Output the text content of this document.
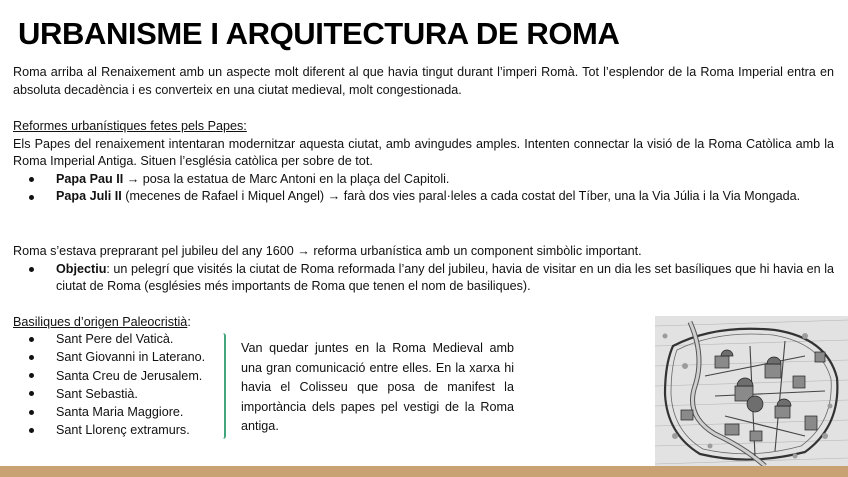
URBANISME I ARQUITECTURA DE ROMA
Roma arriba al Renaixement amb un aspecte molt diferent al que havia tingut durant l’imperi Romà. Tot l’esplendor de la Roma Imperial entra en absoluta decadència i es converteix en una ciutat medieval, molt congestionada.
Reformes urbanístiques fetes pels Papes:
Els Papes del renaixement intentaran modernitzar aquesta ciutat, amb avingudes amples. Intenten connectar la visió de la Roma Catòlica amb la Roma Imperial Antiga. Situen l’església catòlica per sobre de tot.
Papa Pau II → posa la estatua de Marc Antoni en la plaça del Capitoli.
Papa Juli II (mecenes de Rafael i Miquel Angel) → farà dos vies paral·leles a cada costat del Tíber, una la Via Júlia i la Via Mongada.
Roma s’estava preprarant pel jubileu del any 1600 → reforma urbanística amb un component simbòlic important.
Objectiu: un pelegrí que visités la ciutat de Roma reformada l’any del jubileu, havia de visitar en un dia les set basíliques que hi havia en la ciutat de Roma (esglésies més importants de Roma que tenen el nom de basiliques).
Basiliques d’origen Paleocristià:
Sant Pere del Vaticà.
Sant Giovanni in Laterano.
Santa Creu de Jerusalem.
Sant Sebastià.
Santa Maria Maggiore.
Sant Llorenç extramurs.
Van quedar juntes en la Roma Medieval amb una gran comunicació entre elles. En la xarxa hi havia el Colisseu que posa de manifest la importància dels papes pel vestigi de la Roma antiga.
